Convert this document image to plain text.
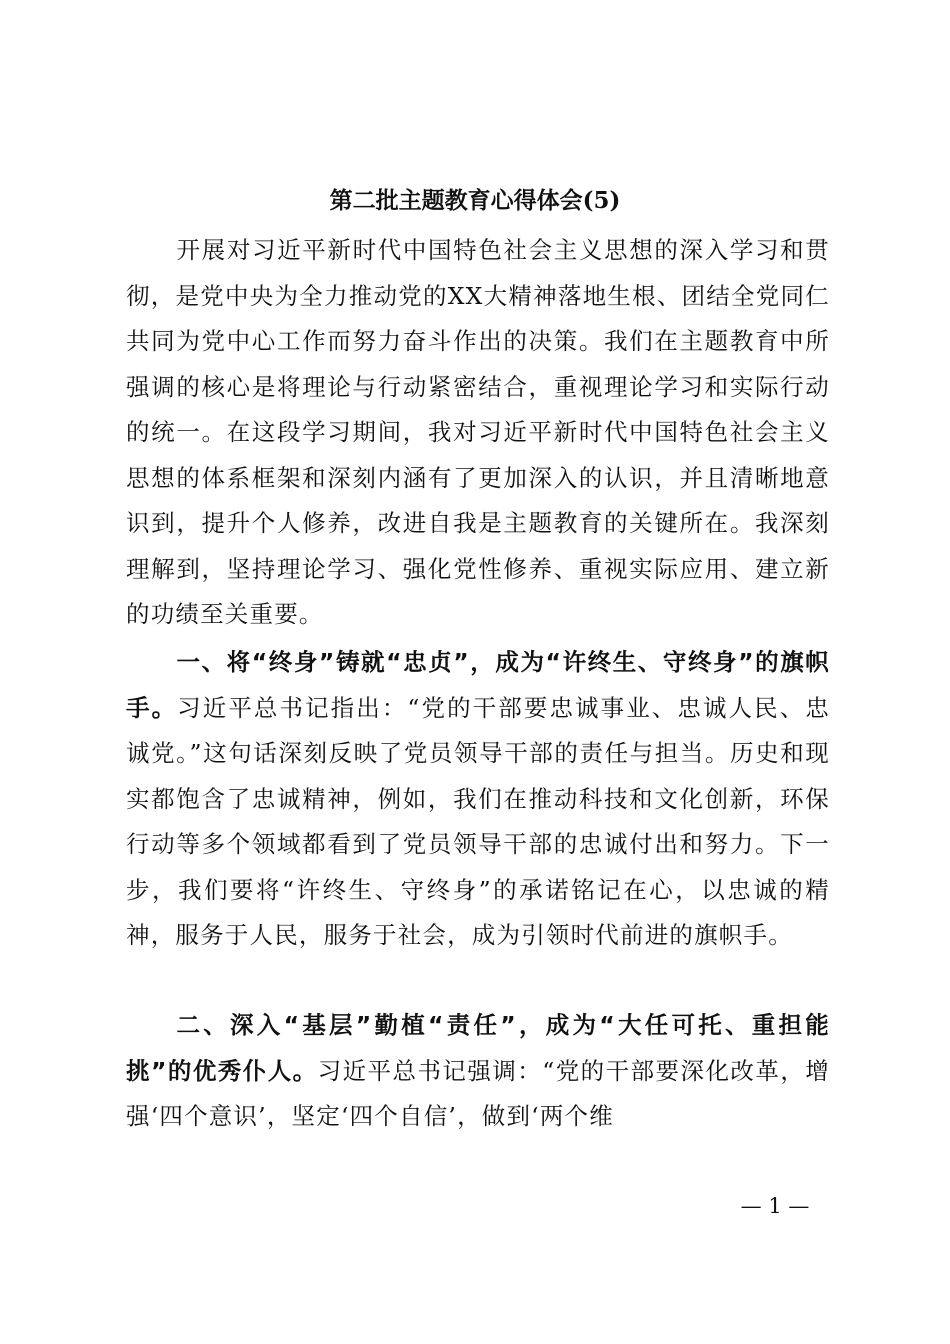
第二批主题教育心得体会(5)

开展对习近平新时代中国特色社会主义思想的深入学习和贯彻，是党中央为全力推动党的XX大精神落地生根、团结全党同仁共同为党中心工作而努力奋斗作出的决策。我们在主题教育中所强调的核心是将理论与行动紧密结合，重视理论学习和实际行动的统一。在这段学习期间，我对习近平新时代中国特色社会主义思想的体系框架和深刻内涵有了更加深入的认识，并且清晰地意识到，提升个人修养，改进自我是主题教育的关键所在。我深刻理解到，坚持理论学习、强化党性修养、重视实际应用、建立新的功绩至关重要。

一、将“终身”铸就“忠贞”，成为“许终生、守终身”的旗帜手。习近平总书记指出：“党的干部要忠诚事业、忠诚人民、忠诚党。”这句话深刻反映了党员领导干部的责任与担当。历史和现实都饱含了忠诚精神，例如，我们在推动科技和文化创新，环保行动等多个领域都看到了党员领导干部的忠诚付出和努力。下一步，我们要将“许终生、守终身”的承诺铭记在心，以忠诚的精神，服务于人民，服务于社会，成为引领时代前进的旗帜手。

二、深入“基层”勤植“责任”，成为“大任可托、重担能挑”的优秀仆人。习近平总书记强调：“党的干部要深化改革，增强‘四个意识’，坚定‘四个自信’，做到‘两个维

— 1 —
